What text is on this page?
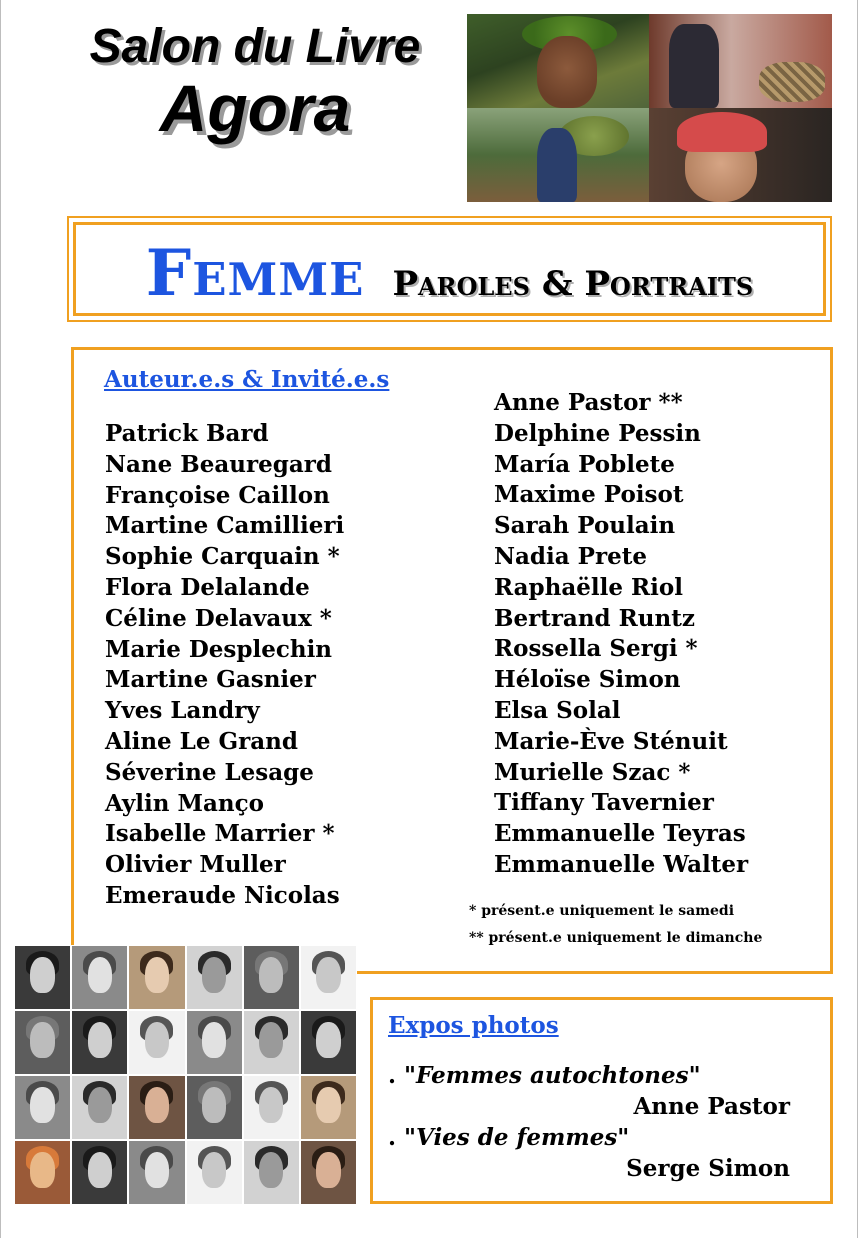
Salon du Livre
Agora
Femme Paroles & Portraits
Auteur.e.s & Invité.e.s
Patrick Bard
Nane Beauregard
Françoise Caillon
Martine Camillieri
Sophie Carquain *
Flora Delalande
Céline Delavaux *
Marie Desplechin
Martine Gasnier
Yves Landry
Aline Le Grand
Séverine Lesage
Aylin Manço
Isabelle Marrier *
Olivier Muller
Emeraude Nicolas
Anne Pastor **
Delphine Pessin
María Poblete
Maxime Poisot
Sarah Poulain
Nadia Prete
Raphaëlle Riol
Bertrand Runtz
Rossella Sergi *
Héloïse Simon
Elsa Solal
Marie-Ève Sténuit
Murielle Szac *
Tiffany Tavernier
Emmanuelle Teyras
Emmanuelle Walter
* présent.e uniquement le samedi
** présent.e uniquement le dimanche
Expos photos
. "Femmes autochtones"
Anne Pastor
. "Vies de femmes"
Serge Simon
